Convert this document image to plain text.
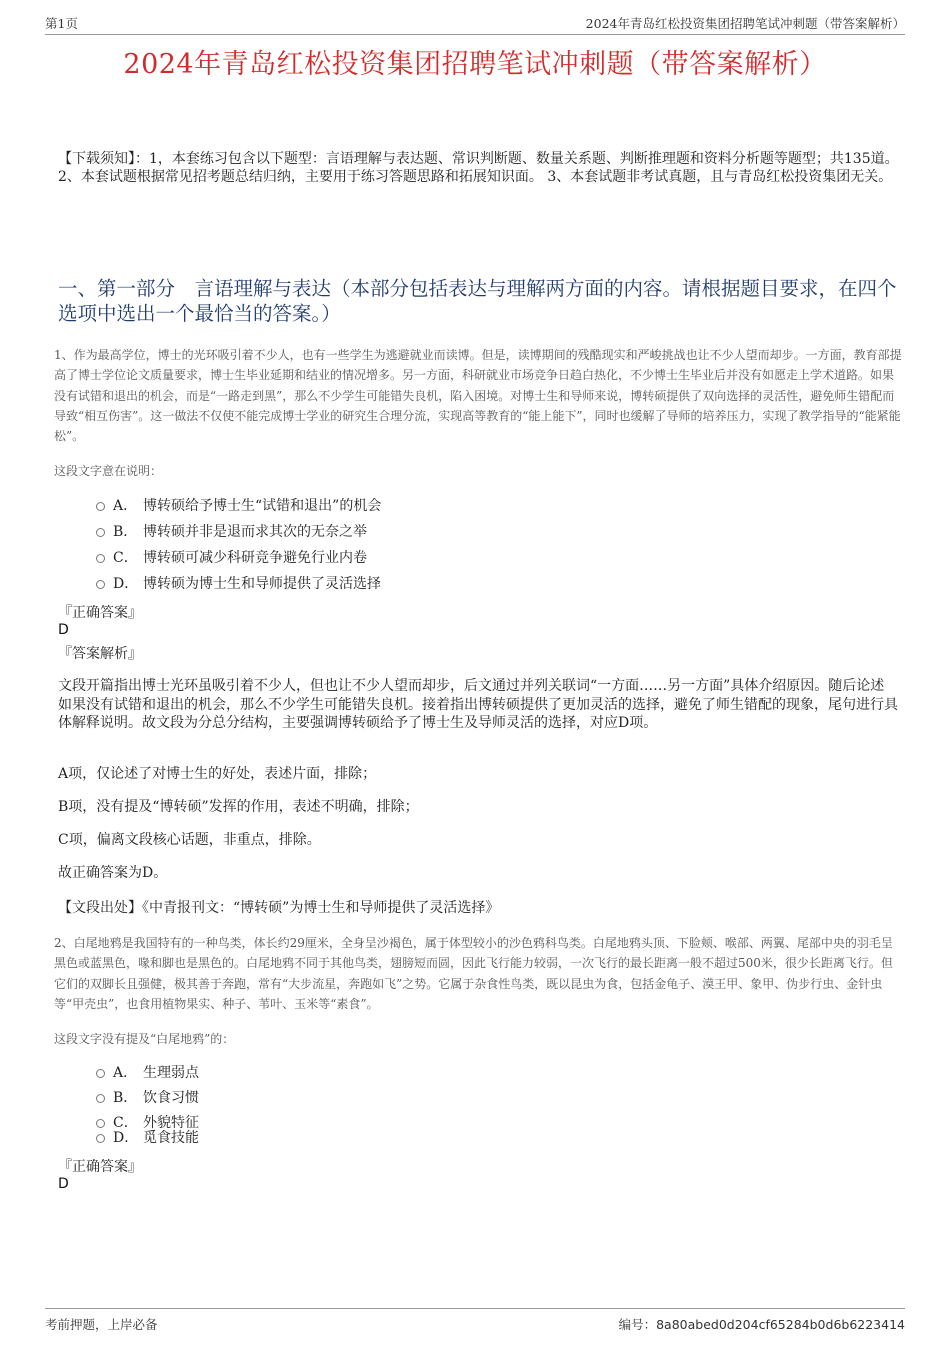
第1页	2024年青岛红松投资集团招聘笔试冲刺题（带答案解析）
2024年青岛红松投资集团招聘笔试冲刺题（带答案解析）
【下载须知】：1，本套练习包含以下题型：言语理解与表达题、常识判断题、数量关系题、判断推理题和资料分析题等题型；共135道。 2、本套试题根据常见招考题总结归纳，主要用于练习答题思路和拓展知识面。 3、本套试题非考试真题，且与青岛红松投资集团无关。
一、第一部分　言语理解与表达（本部分包括表达与理解两方面的内容。请根据题目要求，在四个选项中选出一个最恰当的答案。）
1、作为最高学位，博士的光环吸引着不少人，也有一些学生为逃避就业而读博。但是，读博期间的残酷现实和严峻挑战也让不少人望而却步。一方面，教育部提高了博士学位论文质量要求，博士生毕业延期和结业的情况增多。另一方面，科研就业市场竞争日趋白热化，不少博士生毕业后并没有如愿走上学术道路。如果没有试错和退出的机会，而是“一路走到黑”，那么不少学生可能错失良机，陷入困境。对博士生和导师来说，博转硕提供了双向选择的灵活性，避免师生错配而导致“相互伤害”。这一做法不仅使不能完成博士学业的研究生合理分流，实现高等教育的“能上能下”，同时也缓解了导师的培养压力，实现了教学指导的“能紧能松”。
这段文字意在说明：
A． 博转硕给予博士生“试错和退出”的机会
B． 博转硕并非是退而求其次的无奈之举
C． 博转硕可减少科研竞争避免行业内卷
D． 博转硕为博士生和导师提供了灵活选择
『正确答案』
D
『答案解析』
文段开篇指出博士光环虽吸引着不少人，但也让不少人望而却步，后文通过并列关联词“一方面……另一方面”具体介绍原因。随后论述如果没有试错和退出的机会，那么不少学生可能错失良机。接着指出博转硕提供了更加灵活的选择，避免了师生错配的现象，尾句进行具体解释说明。故文段为分总分结构，主要强调博转硕给予了博士生及导师灵活的选择，对应D项。
A项，仅论述了对博士生的好处，表述片面，排除；
B项，没有提及“博转硕”发挥的作用，表述不明确，排除；
C项，偏离文段核心话题，非重点，排除。
故正确答案为D。
【文段出处】《中青报刊文：“博转硕”为博士生和导师提供了灵活选择》
2、白尾地鸦是我国特有的一种鸟类，体长约29厘米，全身呈沙褐色，属于体型较小的沙色鸦科鸟类。白尾地鸦头顶、下脸颊、喉部、两翼、尾部中央的羽毛呈黑色或蓝黑色，喙和脚也是黑色的。白尾地鸦不同于其他鸟类，翅膀短而圆，因此飞行能力较弱，一次飞行的最长距离一般不超过500米，很少长距离飞行。但它们的双脚长且强健，极其善于奔跑，常有“大步流星，奔跑如飞”之势。它属于杂食性鸟类，既以昆虫为食，包括金龟子、漠王甲、象甲、伪步行虫、金针虫等“甲壳虫”，也食用植物果实、种子、苇叶、玉米等“素食”。
这段文字没有提及“白尾地鸦”的：
A． 生理弱点
B． 饮食习惯
C． 外貌特征
D． 觅食技能
『正确答案』
D
考前押题，上岸必备	编号：8a80abed0d204cf65284b0d6b6223414
